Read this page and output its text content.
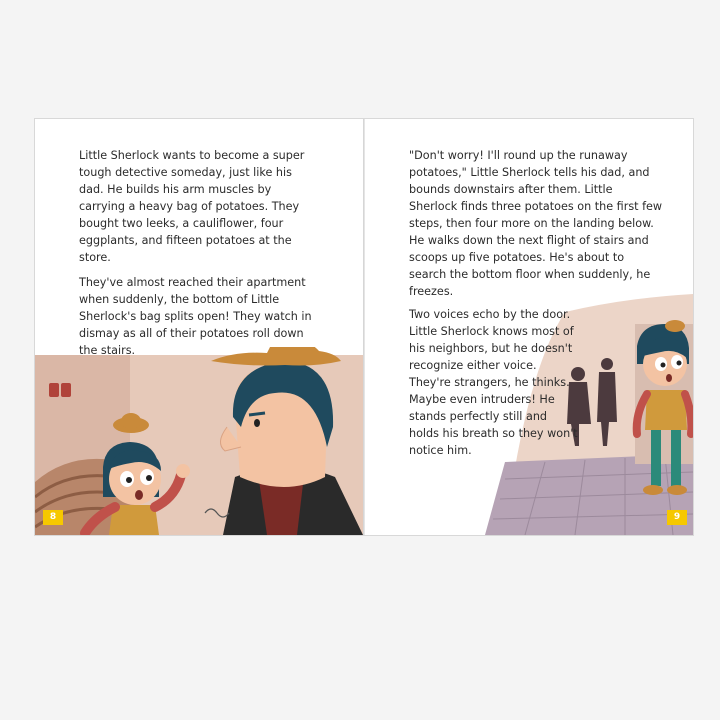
Little Sherlock wants to become a super tough detective someday, just like his dad. He builds his arm muscles by carrying a heavy bag of potatoes. They bought two leeks, a cauliflower, four eggplants, and fifteen potatoes at the store.

They've almost reached their apartment when suddenly, the bottom of Little Sherlock's bag splits open! They watch in dismay as all of their potatoes roll down the stairs.

8

"Don't worry! I'll round up the runaway potatoes," Little Sherlock tells his dad, and bounds downstairs after them. Little Sherlock finds three potatoes on the first few steps, then four more on the landing below. He walks down the next flight of stairs and scoops up five potatoes. He's about to search the bottom floor when suddenly, he freezes.

Two voices echo by the door. Little Sherlock knows most of his neighbors, but he doesn't recognize either voice. They're strangers, he thinks. Maybe even intruders! He stands perfectly still and holds his breath so they won't notice him.

9
